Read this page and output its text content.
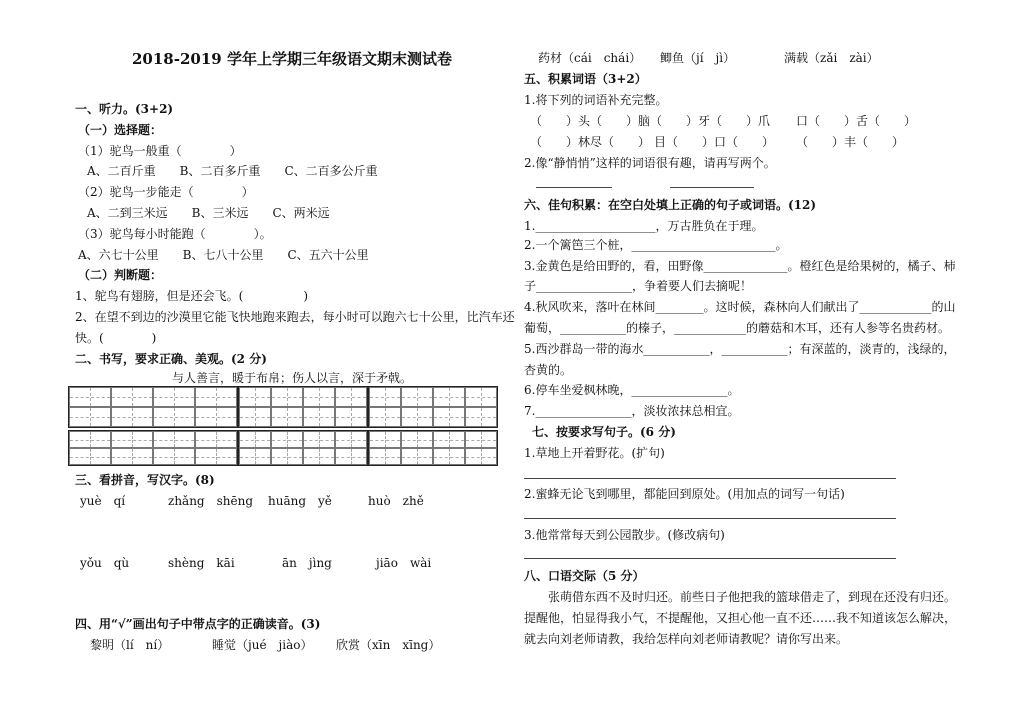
2018-2019 学年上学期三年级语文期末测试卷
一、听力。(3+2)
（一）选择题：
（1）驼鸟一般重（　　　　）
A、二百斤重　　B、二百多斤重　　C、二百多公斤重
（2）驼鸟一步能走（　　　　）
A、二到三米远　　B、三米远　　C、两米远
（3）驼鸟每小时能跑（　　　　）。
A、六七十公里　　B、七八十公里　　C、五六十公里
（二）判断题：
1、鸵鸟有翅膀，但是还会飞。(　　　　　)
2、在望不到边的沙漠里它能飞快地跑来跑去，每小时可以跑六七十公里，比汽车还
快。(　　　　)
二、书写，要求正确、美观。(2 分)
与人善言，暖于布帛；伤人以言，深于矛戟。
三、看拼音，写汉字。(8)
yuè　qí	zhǎng　shēng huāng　yě	huò　zhě
yǒu　qù	shèng　kāi	ān　jìng	jiāo　wài
四、用“√”画出句子中带点字的正确读音。(3)
黎明（lí　ní）	睡觉（jué　jiào） 欣赏（xīn　xīng）
药材（cái　chái） 鲫鱼（jí　jì）	满载（zǎi　zài）
五、积累词语（3+2）
1.将下列的词语补充完整。
（　　）头（　　）脑 （　　）牙（　　）爪 口（　　）舌（　　）
（　　）林尽（　　） 目（　　）口（　　） （　　）丰（　　）
2.像“静悄悄”这样的词语很有趣，请再写两个。
六、佳句积累：在空白处填上正确的句子或词语。(12)
1.____________________，万古胜负在于理。
2.一个篱笆三个桩，________________________。
3.金黄色是给田野的，看，田野像______________。橙红色是给果树的，橘子、柿
子________________，争着要人们去摘呢！
4.秋风吹来，落叶在林间________。这时候，森林向人们献出了____________的山
葡萄，___________的榛子，____________的蘑菇和木耳，还有人参等名贵药材。
5.西沙群岛一带的海水___________，___________；有深蓝的，淡青的，浅绿的，
杏黄的。
6.停车坐爱枫林晚，________________。
7.________________，淡妆浓抹总相宜。
七、按要求写句子。(6 分)
1.草地上开着野花。(扩句)
2.蜜蜂无论飞到哪里，都能回到原处。(用加点的词写一句话)
3.他常常每天到公园散步。(修改病句)
八、口语交际（5 分）
张萌借东西不及时归还。前些日子他把我的篮球借走了，到现在还没有归还。
提醒他，怕显得我小气，不提醒他，又担心他一直不还……我不知道该怎么解决，
就去向刘老师请教，我给怎样向刘老师请教呢？请你写出来。
